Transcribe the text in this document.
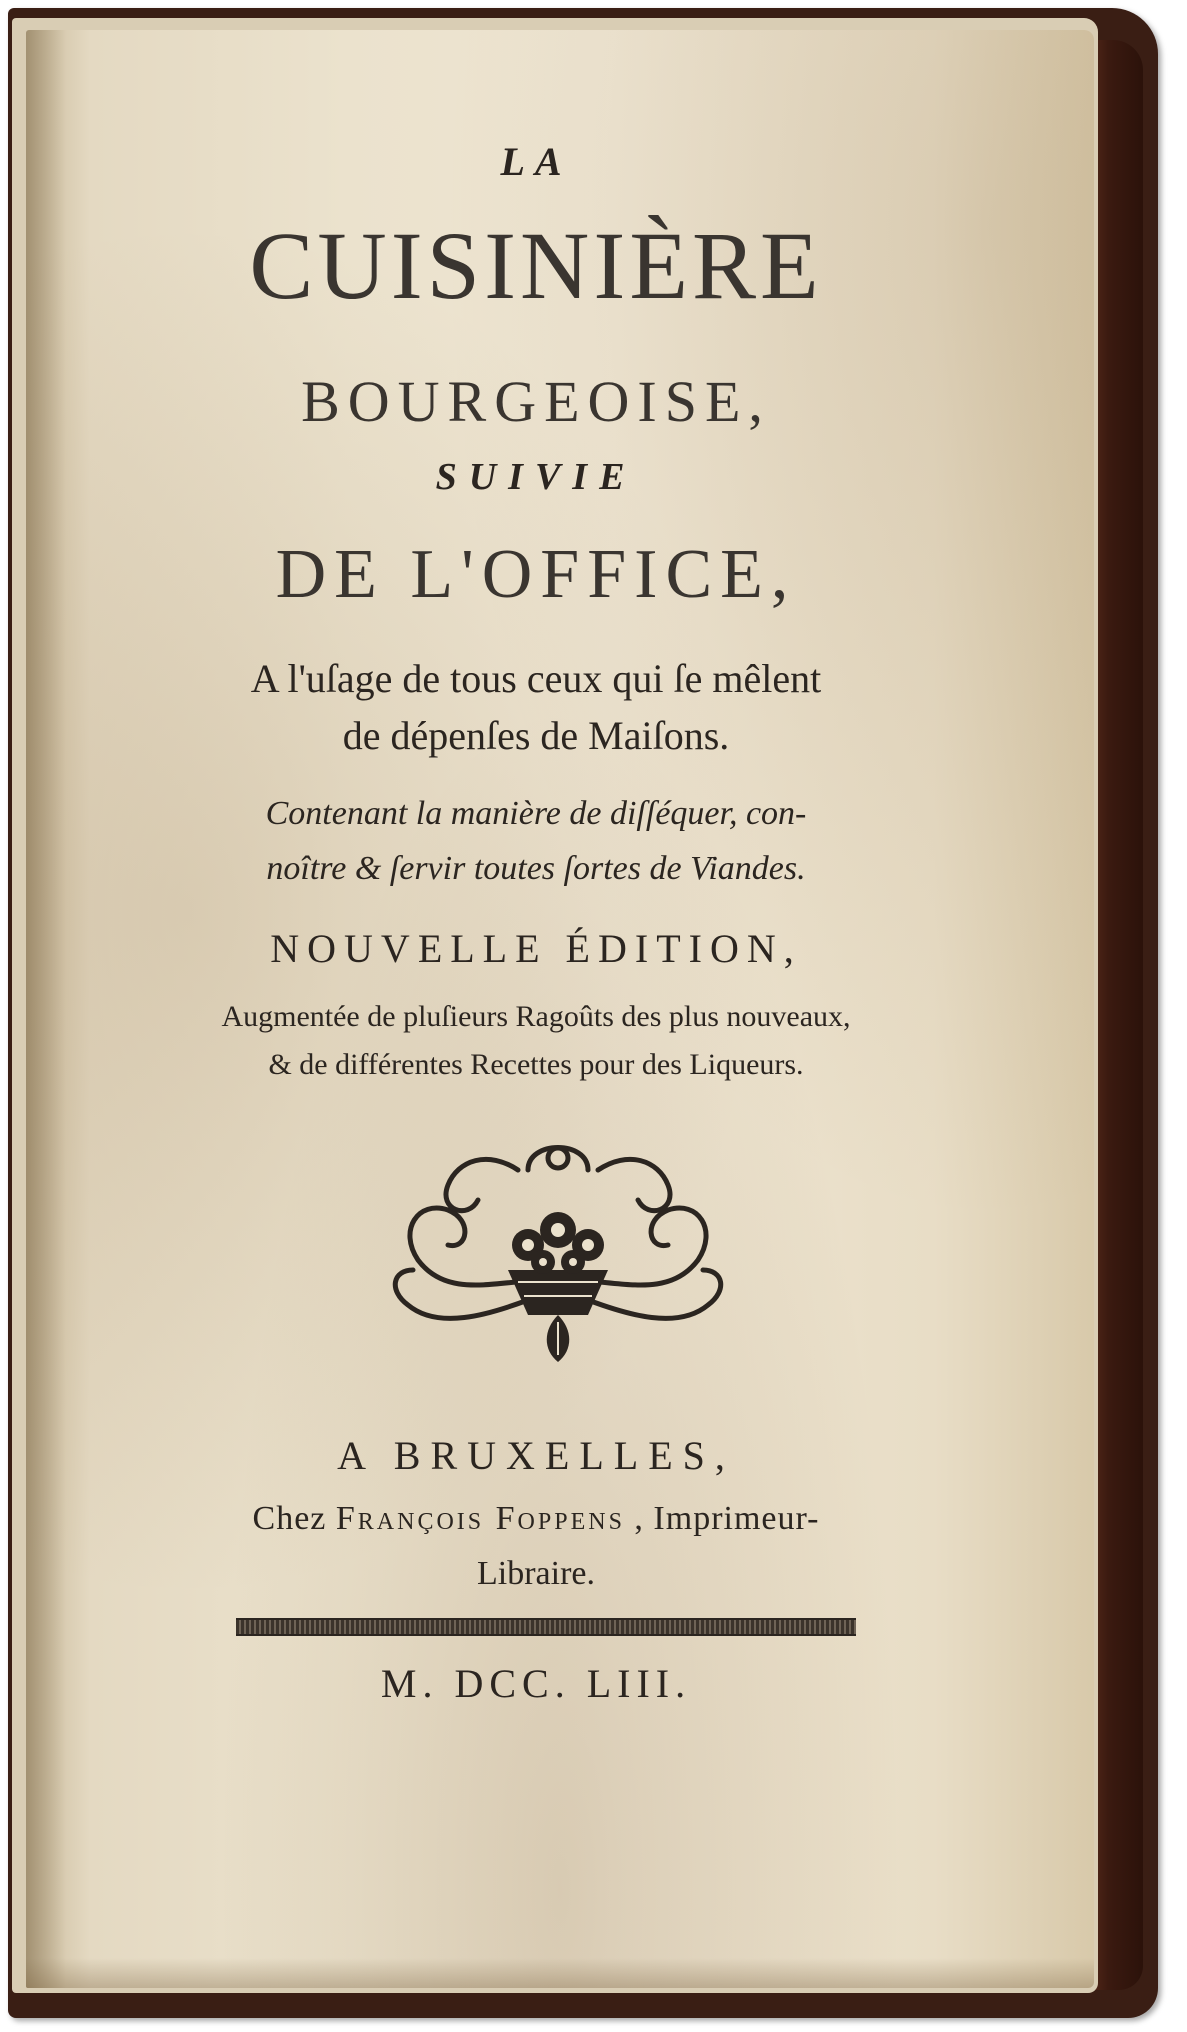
LA
CUISINIÈRE
BOURGEOISE,
SUIVIE
DE L'OFFICE,
A l'uſage de tous ceux qui ſe mêlent
de dépenſes de Maiſons.
Contenant la manière de diſſéquer, con-
noître & ſervir toutes ſortes de Viandes.
NOUVELLE ÉDITION,
Augmentée de pluſieurs Ragoûts des plus nouveaux,
& de différentes Recettes pour des Liqueurs.
A BRUXELLES,
Chez François Foppens , Imprimeur-
Libraire.
M. DCC. LIII.
